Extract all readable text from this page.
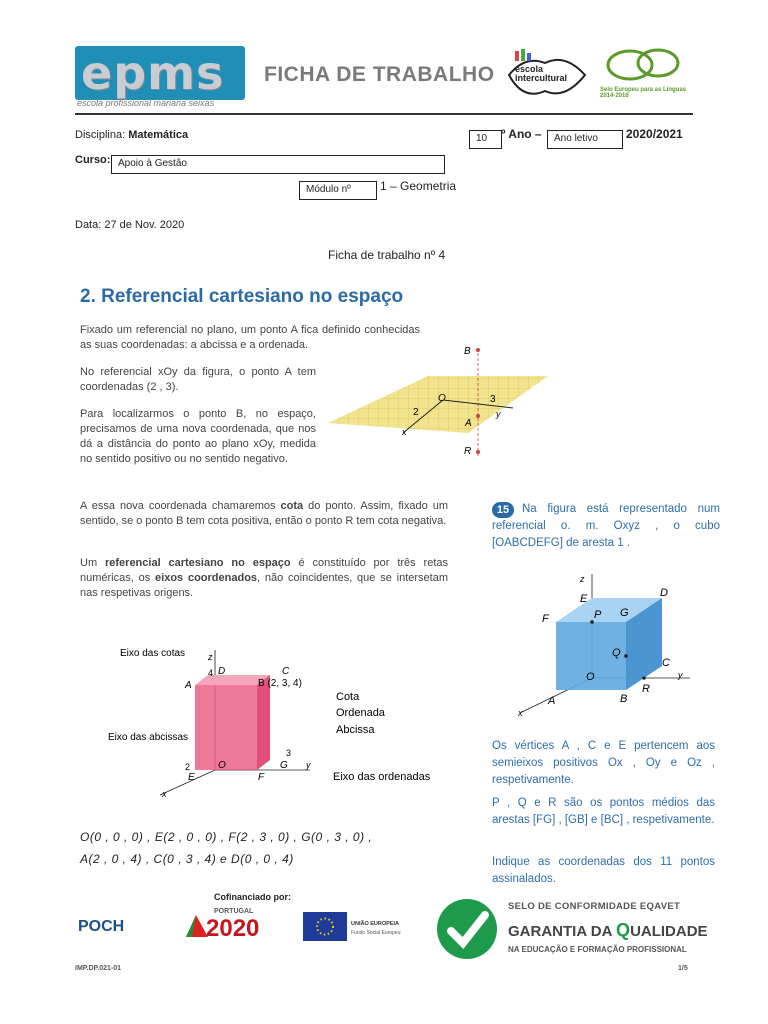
epms
escola profissional mariana seixas
FICHA DE TRABALHO escola intercultural
Selo Europeu para as Línguas 2014-2016
Disciplina: Matemática	10	º Ano –	Ano letivo	2020/2021
Curso: Apoio à Gestão
Módulo nº	1 – Geometria
Data: 27 de Nov. 2020
Ficha de trabalho nº 4
2. Referencial cartesiano no espaço
Fixado um referencial no plano, um ponto A fica definido conhecidas as suas coordenadas: a abcissa e a ordenada.
No referencial xOy da figura, o ponto A tem coordenadas (2 , 3).
Para localizarmos o ponto B, no espaço, precisamos de uma nova coordenada, que nos dá a distância do ponto ao plano xOy, medida no sentido positivo ou no sentido negativo.
A essa nova coordenada chamaremos cota do ponto. Assim, fixado um sentido, se o ponto B tem cota positiva, então o ponto R tem cota negativa.
Um referencial cartesiano no espaço é constituído por três retas numéricas, os eixos coordenados, não coincidentes, que se intersetam nas respetivas origens.
B
O	3
2	y
x
A
R
Eixo das cotas	z
4 D	C
A	B (2, 3, 4)
Cota
Ordenada
Abcissa
Eixo das abcissas
2
E
O
F
G
3
y
x
Eixo das ordenadas
O(0 , 0 , 0) , E(2 , 0 , 0) , F(2 , 3 , 0) , G(0 , 3 , 0) ,
A(2 , 0 , 4) , C(0 , 3 , 4) e D(0 , 0 , 4)
15	Na figura está representado num referencial o. m. Oxyz , o cubo [OABCDEFG] de aresta 1 .
z
E
P G
D
F
Q
C
O
R
y
A	B
x
Os vértices A , C e E pertencem aos semieixos positivos Ox , Oy e Oz , respetivamente.
P , Q e R são os pontos médios das arestas [FG] , [GB] e [BC] , respetivamente.
Indique as coordenadas dos 11 pontos assinalados.
Cofinanciado por:
POCH
PORTUGAL
2020	UNIÃO EUROPEIA
Fundo Social Europeu
SELO DE CONFORMIDADE EQAVET
GARANTIA DA QUALIDADE
NA EDUCAÇÃO E FORMAÇÃO PROFISSIONAL
IMP.DP.021-01	1/5
